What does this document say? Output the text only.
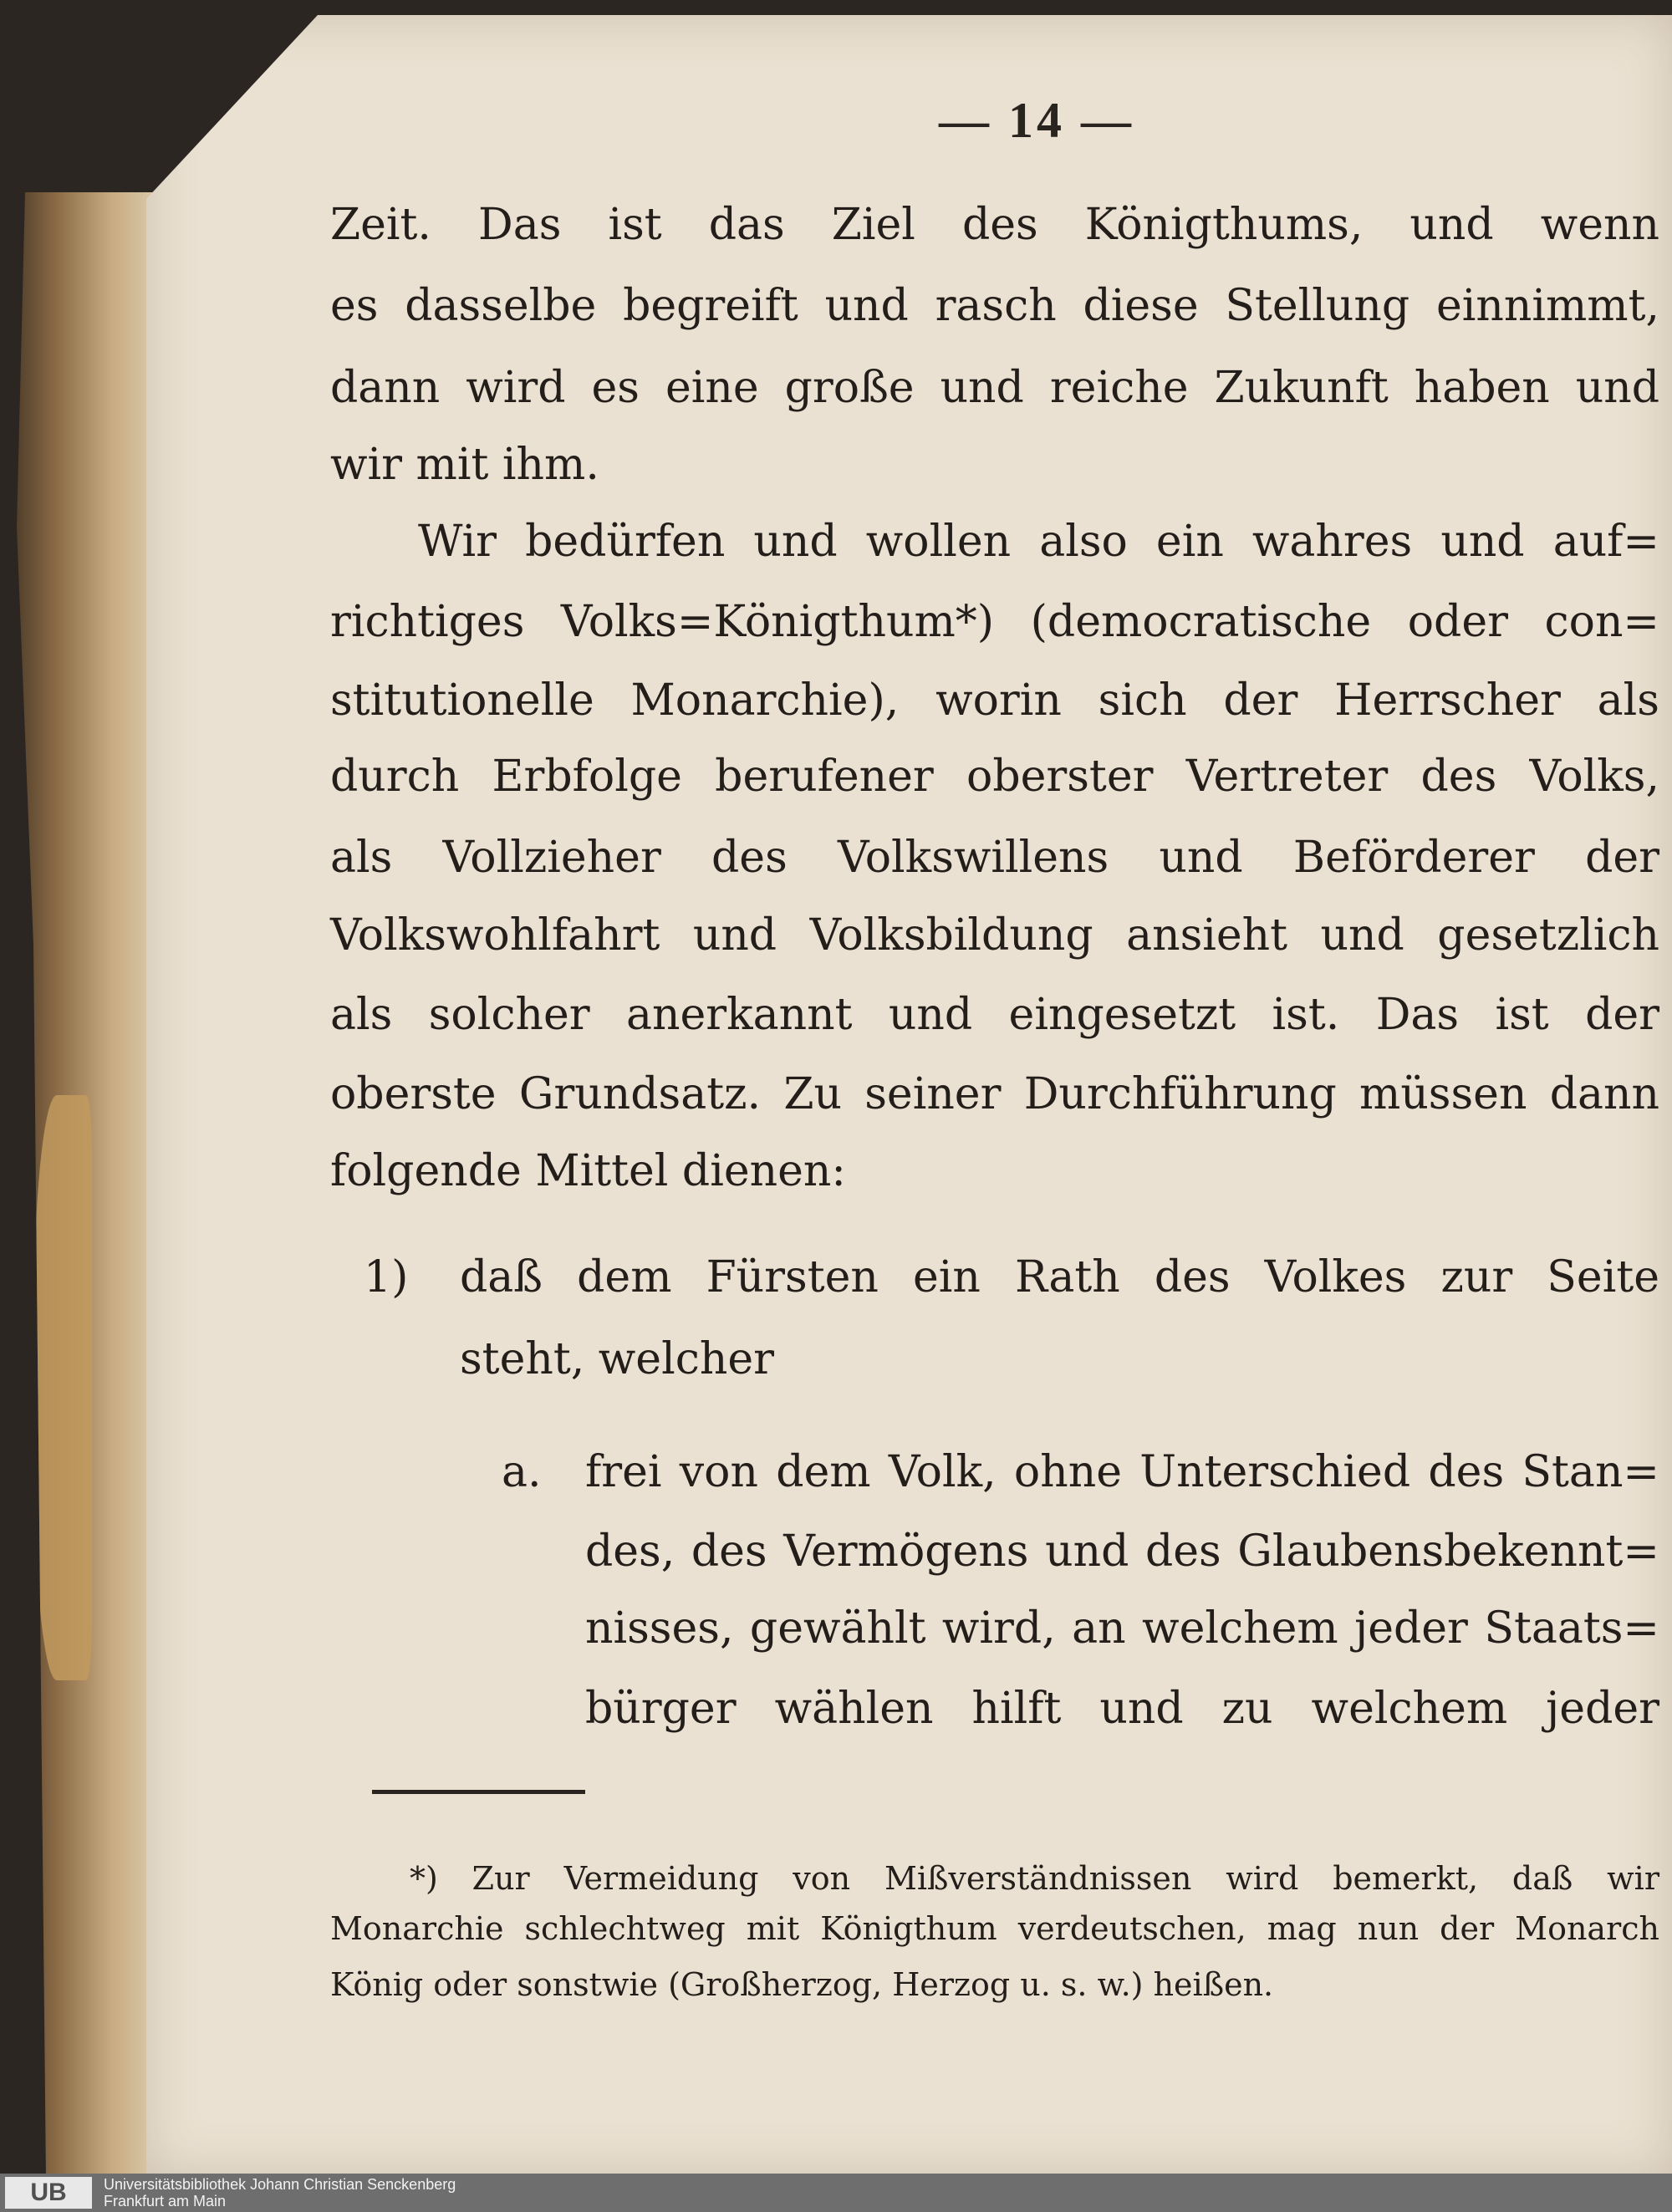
— 14 —
Zeit. Das ist das Ziel des Königthums, und wenn
es dasselbe begreift und rasch diese Stellung einnimmt,
dann wird es eine große und reiche Zukunft haben und
wir mit ihm.
Wir bedürfen und wollen also ein wahres und auf=
richtiges Volks=Königthum*) (democratische oder con=
stitutionelle Monarchie), worin sich der Herrscher als
durch Erbfolge berufener oberster Vertreter des Volks,
als Vollzieher des Volkswillens und Beförderer der
Volkswohlfahrt und Volksbildung ansieht und gesetzlich
als solcher anerkannt und eingesetzt ist. Das ist der
oberste Grundsatz. Zu seiner Durchführung müssen dann
folgende Mittel dienen:
1) daß dem Fürsten ein Rath des Volkes zur Seite
steht, welcher
a. frei von dem Volk, ohne Unterschied des Stan=
des, des Vermögens und des Glaubensbekennt=
nisses, gewählt wird, an welchem jeder Staats=
bürger wählen hilft und zu welchem jeder
*) Zur Vermeidung von Mißverständnissen wird bemerkt, daß wir
Monarchie schlechtweg mit Königthum verdeutschen, mag nun der Monarch
König oder sonstwie (Großherzog, Herzog u. s. w.) heißen.
UB	Universitätsbibliothek Johann Christian Senckenberg
Frankfurt am Main
